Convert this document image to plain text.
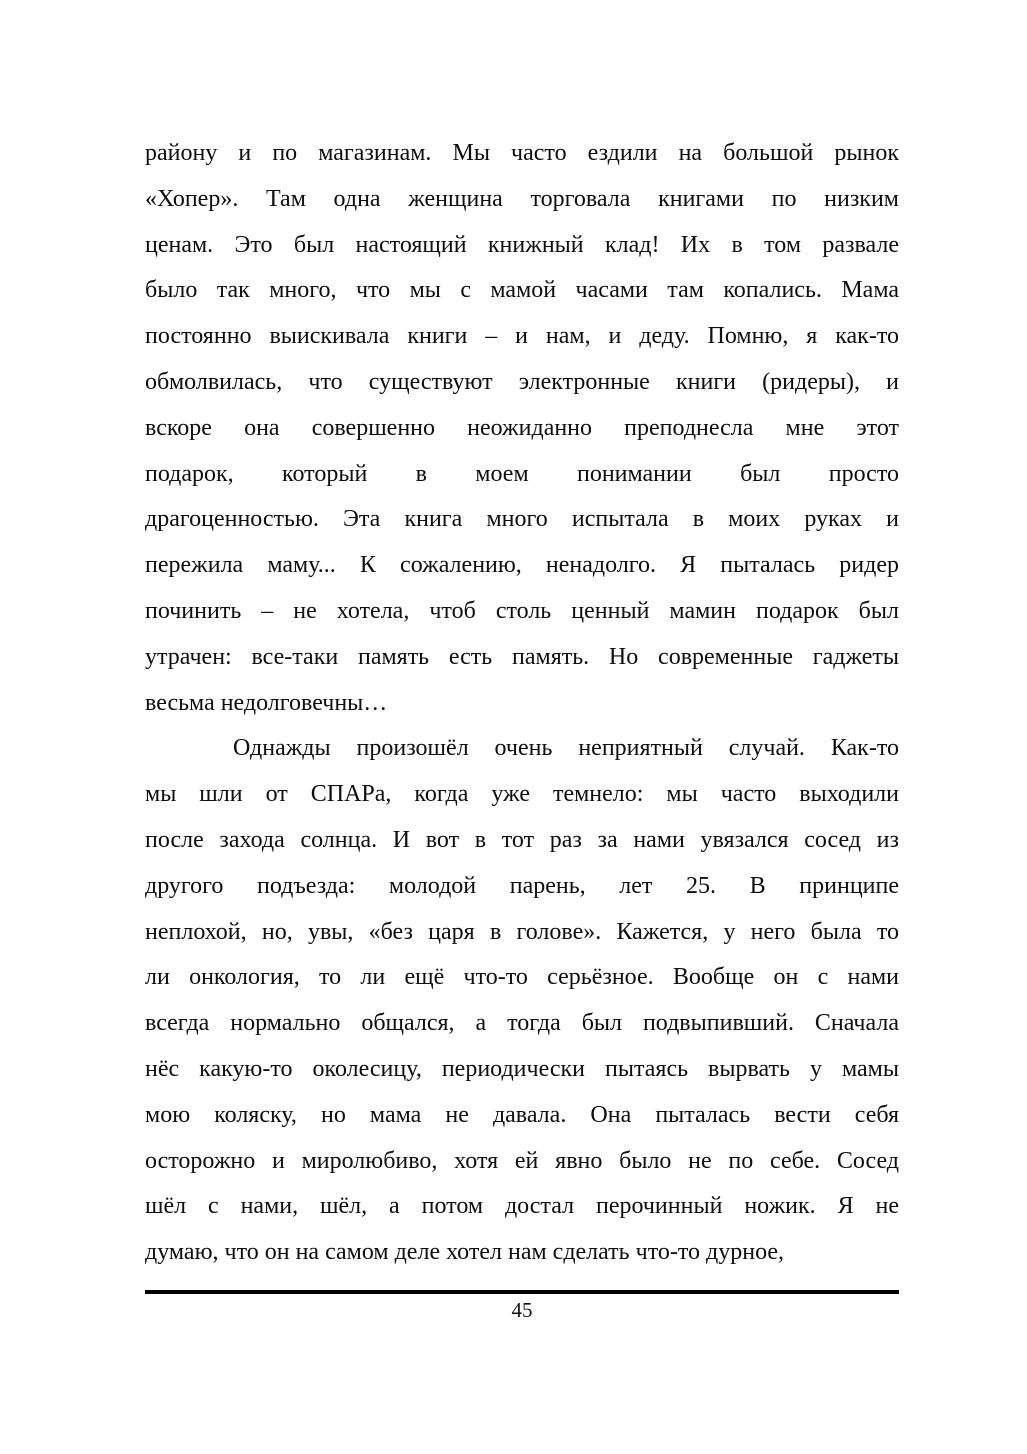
району и по магазинам. Мы часто ездили на большой рынок
«Хопер». Там одна женщина торговала книгами по низким
ценам. Это был настоящий книжный клад! Их в том развале
было так много, что мы с мамой часами там копались. Мама
постоянно выискивала книги – и нам, и деду. Помню, я как-то
обмолвилась, что существуют электронные книги (ридеры), и
вскоре она совершенно неожиданно преподнесла мне этот
подарок, который в моем понимании был просто
драгоценностью. Эта книга много испытала в моих руках и
пережила маму... К сожалению, ненадолго. Я пыталась ридер
починить – не хотела, чтоб столь ценный мамин подарок был
утрачен: все-таки память есть память. Но современные гаджеты
весьма недолговечны…
Однажды произошёл очень неприятный случай. Как-то
мы шли от СПАРа, когда уже темнело: мы часто выходили
после захода солнца. И вот в тот раз за нами увязался сосед из
другого подъезда: молодой парень, лет 25. В принципе
неплохой, но, увы, «без царя в голове». Кажется, у него была то
ли онкология, то ли ещё что-то серьёзное. Вообще он с нами
всегда нормально общался, а тогда был подвыпивший. Сначала
нёс какую-то околесицу, периодически пытаясь вырвать у мамы
мою коляску, но мама не давала. Она пыталась вести себя
осторожно и миролюбиво, хотя ей явно было не по себе. Сосед
шёл с нами, шёл, а потом достал перочинный ножик. Я не
думаю, что он на самом деле хотел нам сделать что-то дурное,
45
